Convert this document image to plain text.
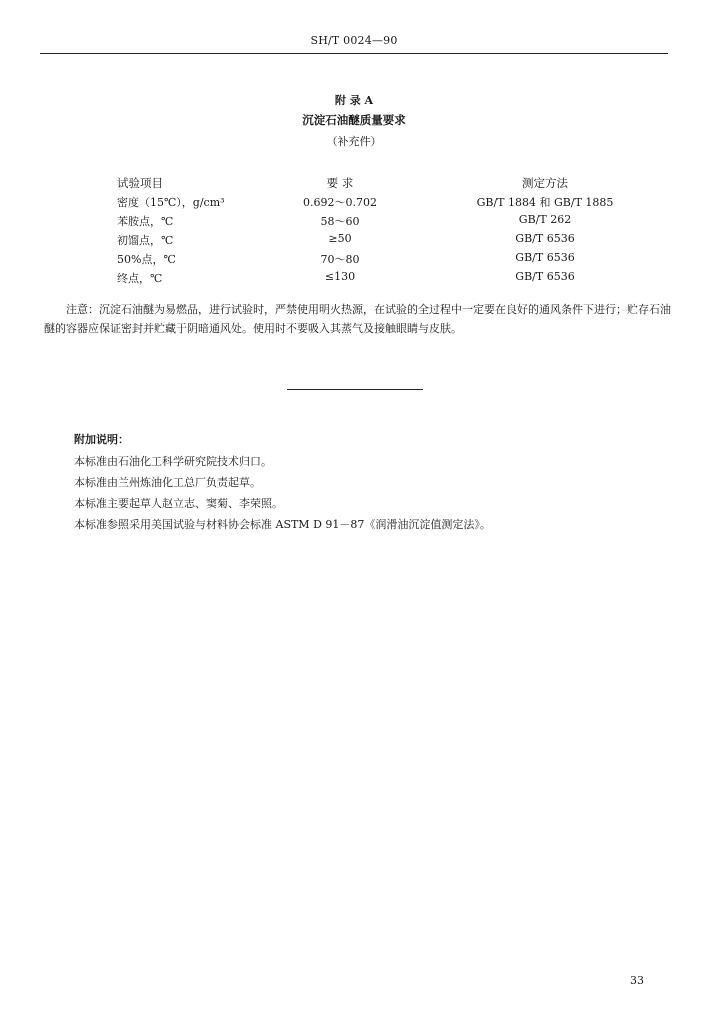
SH/T 0024—90
附 录 A
沉淀石油醚质量要求
（补充件）
试验项目	要 求	测定方法
密度（15℃），g/cm³	0.692～0.702	GB/T 1884 和 GB/T 1885
苯胺点，℃	58～60	GB/T 262
初馏点，℃	≥50	GB/T 6536
50%点，℃	70～80	GB/T 6536
终点，℃	≤130	GB/T 6536

注意：沉淀石油醚为易燃品，进行试验时，严禁使用明火热源，在试验的全过程中一定要在良好的通风条件下进行；贮存石油醚的容器应保证密封并贮藏于阴暗通风处。使用时不要吸入其蒸气及接触眼睛与皮肤。

附加说明：
本标准由石油化工科学研究院技术归口。
本标准由兰州炼油化工总厂负责起草。
本标准主要起草人赵立志、窦菊、李荣照。
本标准参照采用美国试验与材料协会标准 ASTM D 91－87《润滑油沉淀值测定法》。
33
